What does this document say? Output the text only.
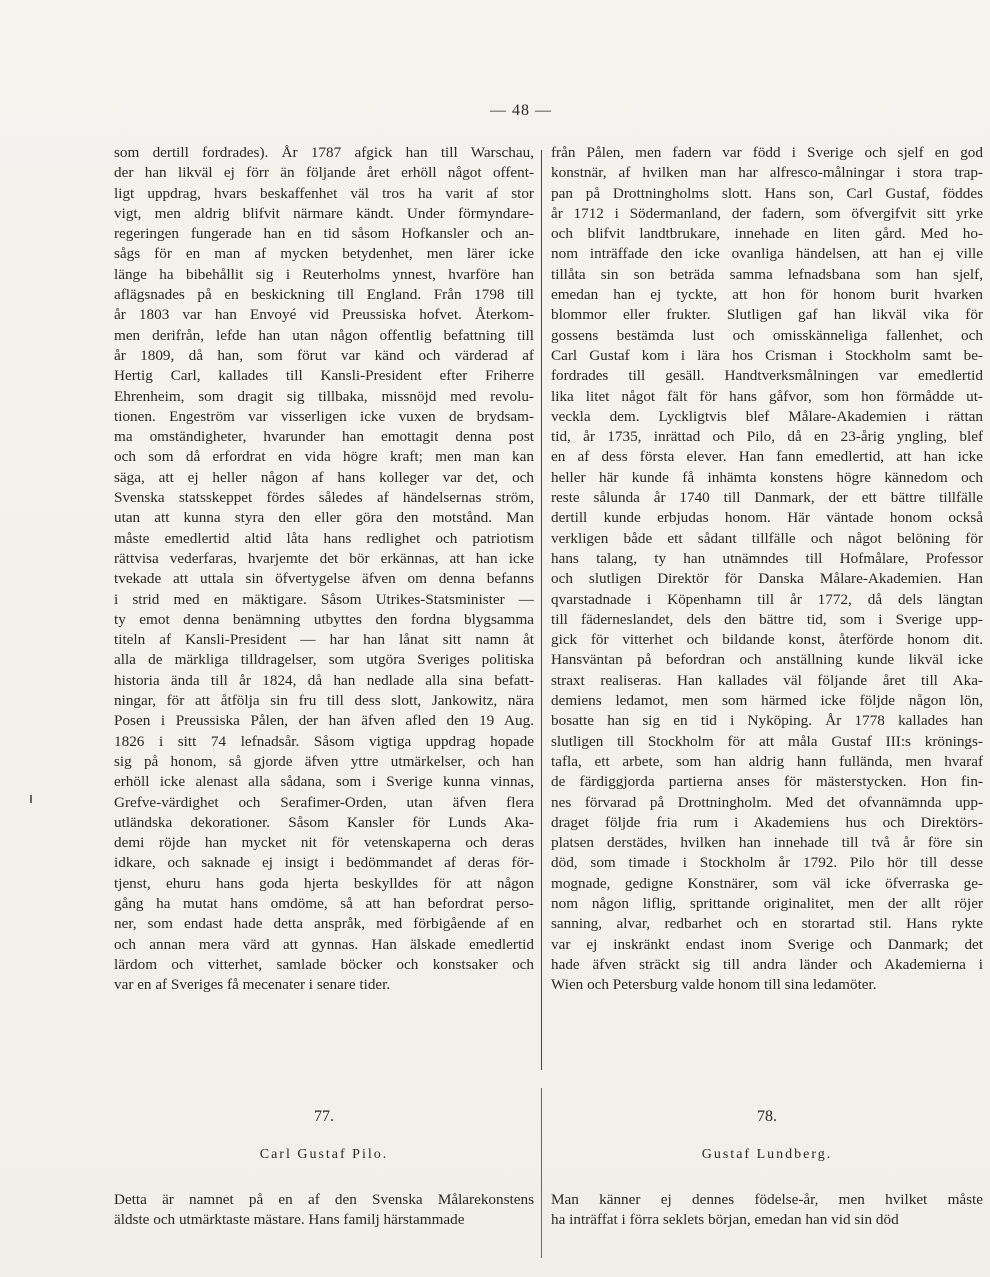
— 48 —
som dertill fordrades). År 1787 afgick han till Warschau,
der han likväl ej förr än följande året erhöll något offent-
ligt uppdrag, hvars beskaffenhet väl tros ha varit af stor
vigt, men aldrig blifvit närmare kändt. Under förmyndare-
regeringen fungerade han en tid såsom Hofkansler och an-
sågs för en man af mycken betydenhet, men lärer icke
länge ha bibehållit sig i Reuterholms ynnest, hvarföre han
aflägsnades på en beskickning till England. Från 1798 till
år 1803 var han Envoyé vid Preussiska hofvet. Återkom-
men derifrån, lefde han utan någon offentlig befattning till
år 1809, då han, som förut var känd och värderad af
Hertig Carl, kallades till Kansli-President efter Friherre
Ehrenheim, som dragit sig tillbaka, missnöjd med revolu-
tionen. Engeström var visserligen icke vuxen de brydsam-
ma omständigheter, hvarunder han emottagit denna post
och som då erfordrat en vida högre kraft; men man kan
säga, att ej heller någon af hans kolleger var det, och
Svenska statsskeppet fördes således af händelsernas ström,
utan att kunna styra den eller göra den motstånd. Man
måste emedlertid altid låta hans redlighet och patriotism
rättvisa vederfaras, hvarjemte det bör erkännas, att han icke
tvekade att uttala sin öfvertygelse äfven om denna befanns
i strid med en mäktigare. Såsom Utrikes-Statsminister —
ty emot denna benämning utbyttes den fordna blygsamma
titeln af Kansli-President — har han lånat sitt namn åt
alla de märkliga tilldragelser, som utgöra Sveriges politiska
historia ända till år 1824, då han nedlade alla sina befatt-
ningar, för att åtfölja sin fru till dess slott, Jankowitz, nära
Posen i Preussiska Pålen, der han äfven afled den 19 Aug.
1826 i sitt 74 lefnadsår. Såsom vigtiga uppdrag hopade
sig på honom, så gjorde äfven yttre utmärkelser, och han
erhöll icke alenast alla sådana, som i Sverige kunna vinnas,
Grefve-värdighet och Serafimer-Orden, utan äfven flera
utländska dekorationer. Såsom Kansler för Lunds Aka-
demi röjde han mycket nit för vetenskaperna och deras
idkare, och saknade ej insigt i bedömmandet af deras för-
tjenst, ehuru hans goda hjerta beskylldes för att någon
gång ha mutat hans omdöme, så att han befordrat perso-
ner, som endast hade detta anspråk, med förbigående af en
och annan mera värd att gynnas. Han älskade emedlertid
lärdom och vitterhet, samlade böcker och konstsaker och
var en af Sveriges få mecenater i senare tider.
från Pålen, men fadern var född i Sverige och sjelf en god
konstnär, af hvilken man har alfresco-målningar i stora trap-
pan på Drottningholms slott. Hans son, Carl Gustaf, föddes
år 1712 i Södermanland, der fadern, som öfvergifvit sitt yrke
och blifvit landtbrukare, innehade en liten gård. Med ho-
nom inträffade den icke ovanliga händelsen, att han ej ville
tillåta sin son beträda samma lefnadsbana som han sjelf,
emedan han ej tyckte, att hon för honom burit hvarken
blommor eller frukter. Slutligen gaf han likväl vika för
gossens bestämda lust och omisskänneliga fallenhet, och
Carl Gustaf kom i lära hos Crisman i Stockholm samt be-
fordrades till gesäll. Handtverksmålningen var emedlertid
lika litet något fält för hans gåfvor, som hon förmådde ut-
veckla dem. Lyckligtvis blef Målare-Akademien i rättan
tid, år 1735, inrättad och Pilo, då en 23-årig yngling, blef
en af dess första elever. Han fann emedlertid, att han icke
heller här kunde få inhämta konstens högre kännedom och
reste sålunda år 1740 till Danmark, der ett bättre tillfälle
dertill kunde erbjudas honom. Här väntade honom också
verkligen både ett sådant tillfälle och något belöning för
hans talang, ty han utnämndes till Hofmålare, Professor
och slutligen Direktör för Danska Målare-Akademien. Han
qvarstadnade i Köpenhamn till år 1772, då dels längtan
till fäderneslandet, dels den bättre tid, som i Sverige upp-
gick för vitterhet och bildande konst, återförde honom dit.
Hansväntan på befordran och anställning kunde likväl icke
straxt realiseras. Han kallades väl följande året till Aka-
demiens ledamot, men som härmed icke följde någon lön,
bosatte han sig en tid i Nyköping. År 1778 kallades han
slutligen till Stockholm för att måla Gustaf III:s krönings-
tafla, ett arbete, som han aldrig hann fullända, men hvaraf
de färdiggjorda partierna anses för mästerstycken. Hon fin-
nes förvarad på Drottningholm. Med det ofvannämnda upp-
draget följde fria rum i Akademiens hus och Direktörs-
platsen derstädes, hvilken han innehade till två år före sin
död, som timade i Stockholm år 1792. Pilo hör till desse
mognade, gedigne Konstnärer, som väl icke öfverraska ge-
nom någon liflig, sprittande originalitet, men der allt röjer
sanning, alvar, redbarhet och en storartad stil. Hans rykte
var ej inskränkt endast inom Sverige och Danmark; det
hade äfven sträckt sig till andra länder och Akademierna i
Wien och Petersburg valde honom till sina ledamöter.
77.
Carl Gustaf Pilo.
Detta är namnet på en af den Svenska Målarekonstens
äldste och utmärktaste mästare. Hans familj härstammade
78.
Gustaf Lundberg.
Man känner ej dennes födelse-år, men hvilket måste
ha inträffat i förra seklets början, emedan han vid sin död
